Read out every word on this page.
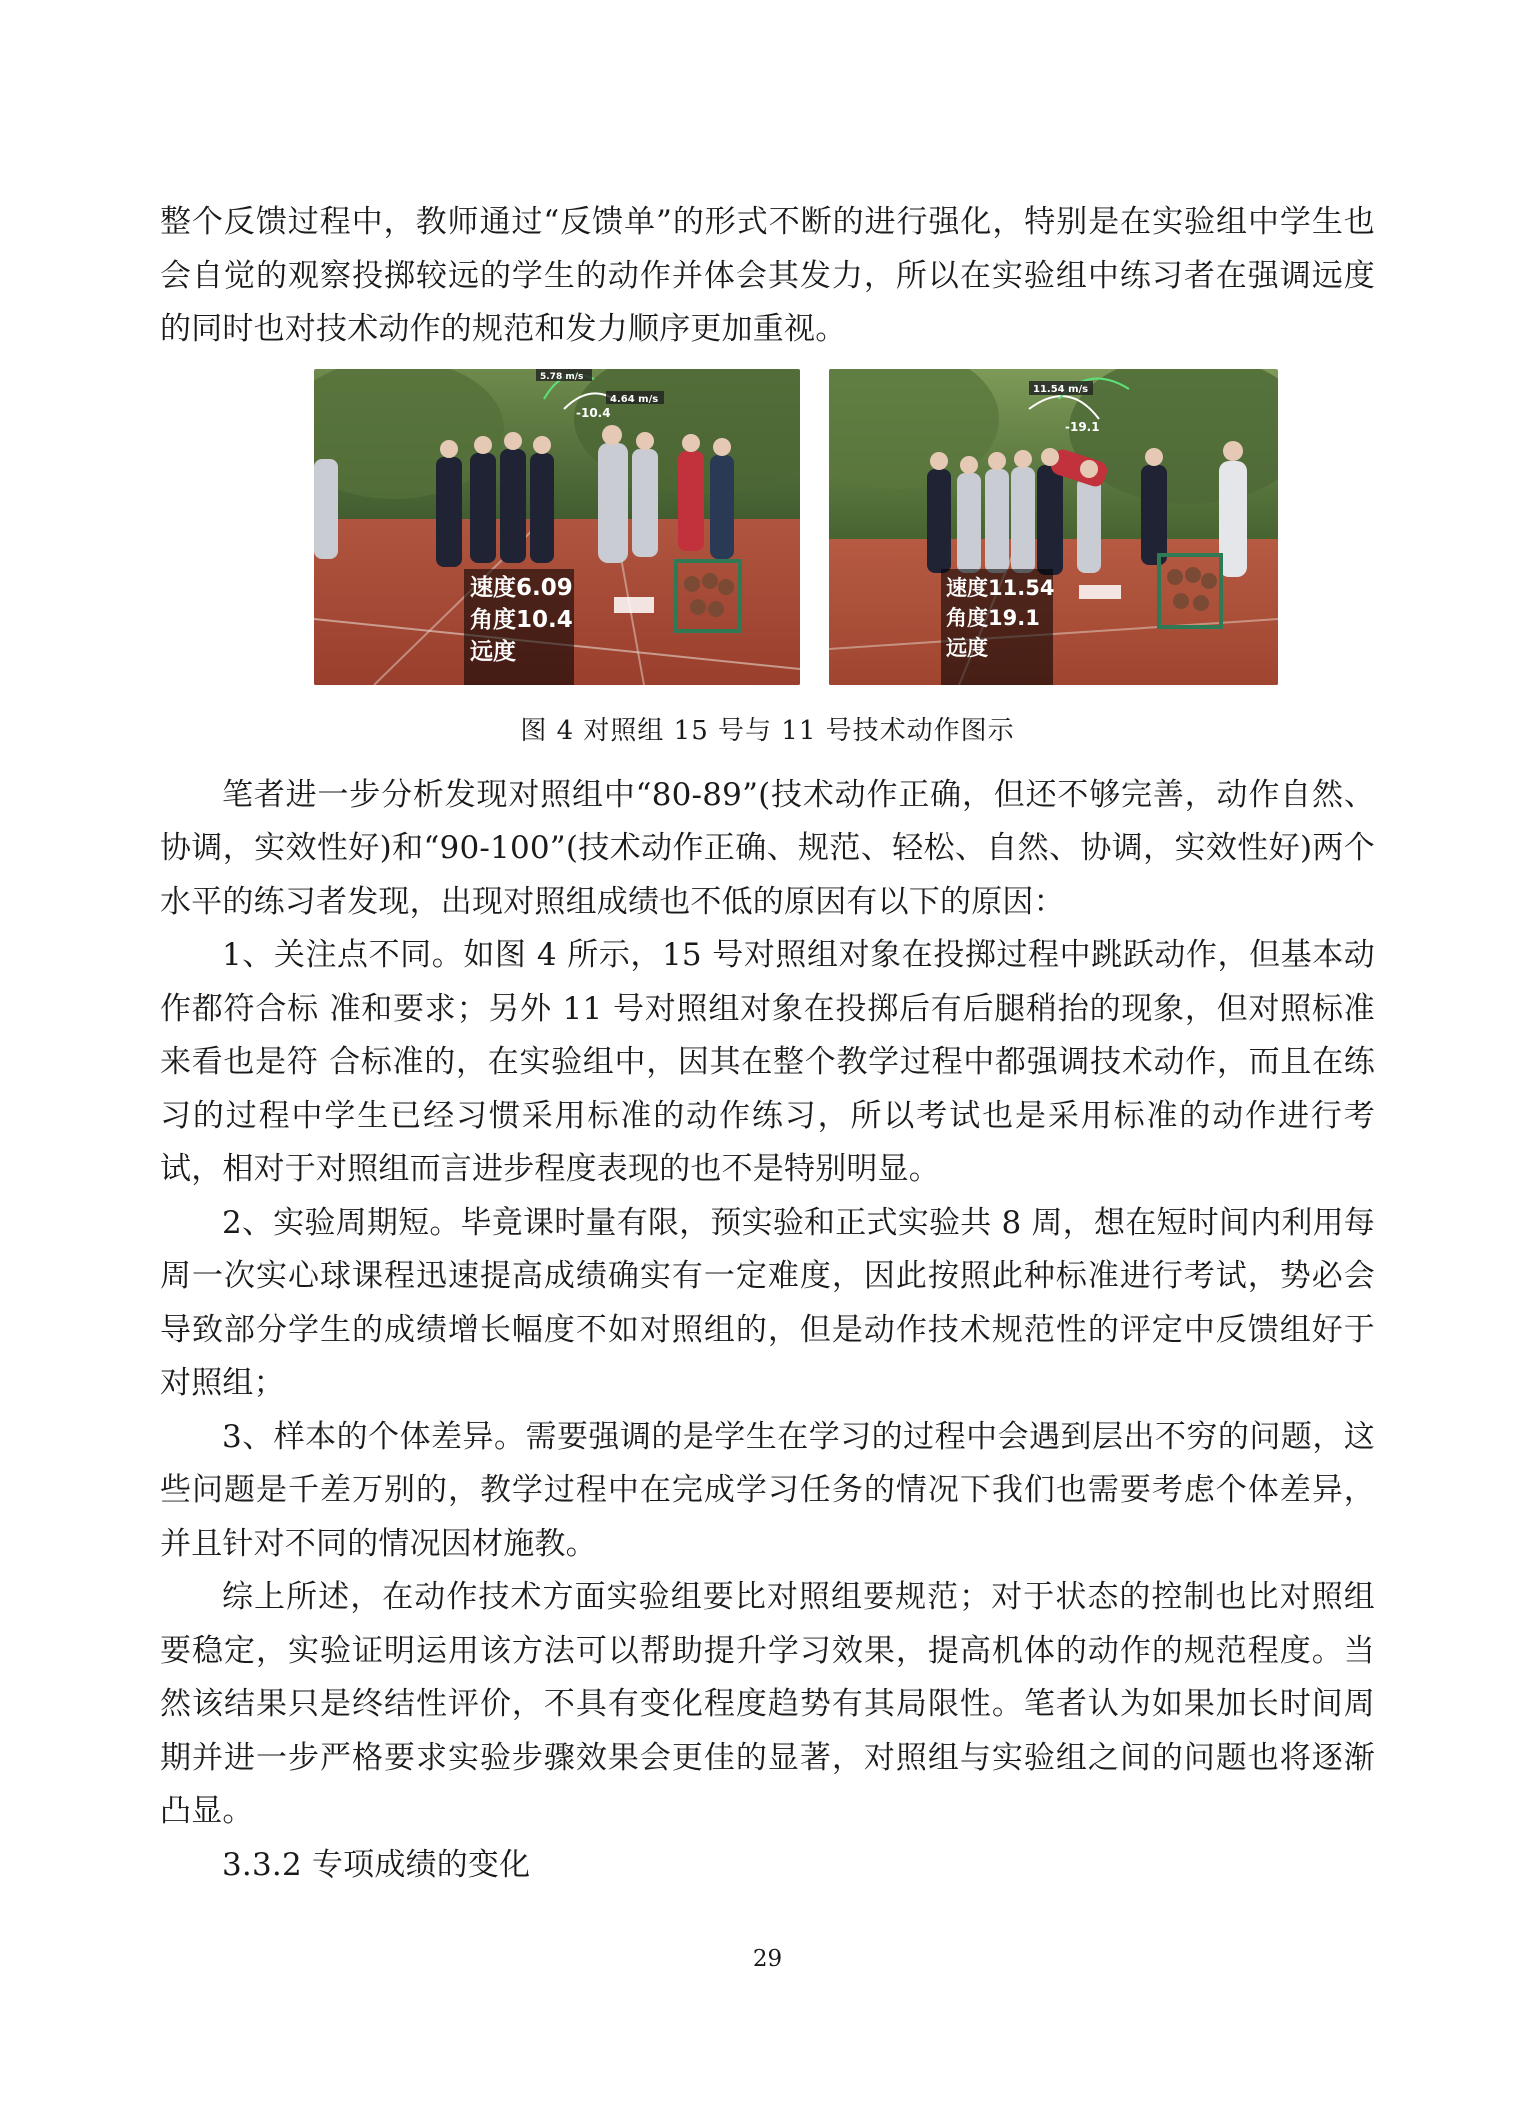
整个反馈过程中，教师通过“反馈单”的形式不断的进行强化，特别是在实验组中学生也会自觉的观察投掷较远的学生的动作并体会其发力，所以在实验组中练习者在强调远度的同时也对技术动作的规范和发力顺序更加重视。

5.78 m/s
4.64 m/s
-10.4
速度6.09
角度10.4
远度
11.54 m/s
-19.1
速度11.54
角度19.1
远度
图 4 对照组 15 号与 11 号技术动作图示

笔者进一步分析发现对照组中“80-89”(技术动作正确，但还不够完善，动作自然、协调，实效性好)和“90-100”(技术动作正确、规范、轻松、自然、协调，实效性好)两个水平的练习者发现，出现对照组成绩也不低的原因有以下的原因：

1、关注点不同。如图 4 所示，15 号对照组对象在投掷过程中跳跃动作，但基本动作都符合标 准和要求；另外 11 号对照组对象在投掷后有后腿稍抬的现象，但对照标准来看也是符 合标准的，在实验组中，因其在整个教学过程中都强调技术动作，而且在练习的过程中学生已经习惯采用标准的动作练习，所以考试也是采用标准的动作进行考试，相对于对照组而言进步程度表现的也不是特别明显。

2、实验周期短。毕竟课时量有限，预实验和正式实验共 8 周，想在短时间内利用每周一次实心球课程迅速提高成绩确实有一定难度，因此按照此种标准进行考试，势必会导致部分学生的成绩增长幅度不如对照组的，但是动作技术规范性的评定中反馈组好于对照组；

3、样本的个体差异。需要强调的是学生在学习的过程中会遇到层出不穷的问题，这些问题是千差万别的，教学过程中在完成学习任务的情况下我们也需要考虑个体差异，并且针对不同的情况因材施教。

综上所述，在动作技术方面实验组要比对照组要规范；对于状态的控制也比对照组要稳定，实验证明运用该方法可以帮助提升学习效果，提高机体的动作的规范程度。当然该结果只是终结性评价，不具有变化程度趋势有其局限性。笔者认为如果加长时间周期并进一步严格要求实验步骤效果会更佳的显著，对照组与实验组之间的问题也将逐渐凸显。

3.3.2 专项成绩的变化

29
